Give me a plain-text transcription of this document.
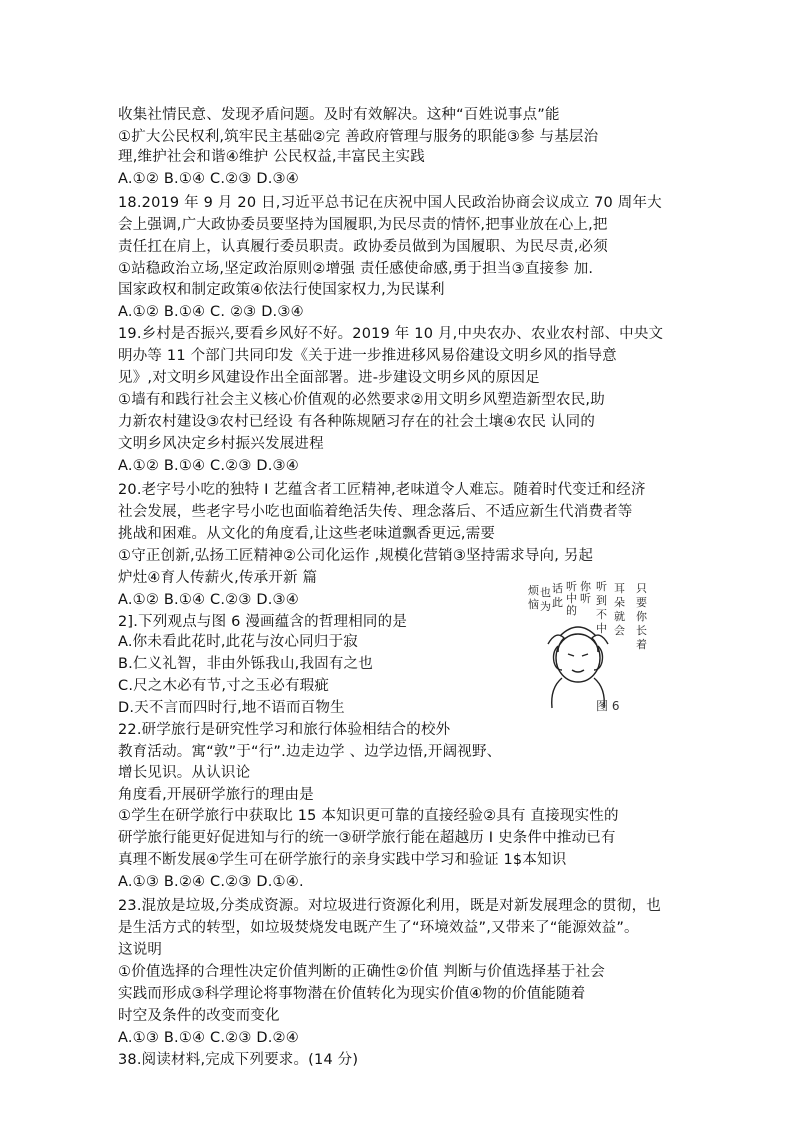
收集社情民意、发现矛盾问题。及时有效解决。这种“百姓说事点”能
①扩大公民权利,筑牢民主基础②完 善政府管理与服务的职能③参 与基层治
理,维护社会和谐④维护 公民权益,丰富民主实践
A.①② B.①④ C.②③ D.③④
18.2019 年 9 月 20 日,习近平总书记在庆祝中国人民政治协商会议成立 70 周年大
会上强调,广大政协委员要坚持为国履职,为民尽责的情怀,把事业放在心上,把
责任扛在肩上，认真履行委员职责。政协委员做到为国履职、为民尽责,必须
①站稳政治立场,坚定政治原则②增强 责任感使命感,勇于担当③直接参 加.
国家政权和制定政策④依法行使国家权力,为民谋利
A.①② B.①④ C. ②③ D.③④
19.乡村是否振兴,要看乡风好不好。2019 年 10 月,中央农办、农业农村部、中央文
明办等 11 个部门共同印发《关于进一步推进移风易俗建设文明乡风的指导意
见》,对文明乡风建设作出全面部署。进-步建设文明乡风的原因足
①墙有和践行社会主义核心价值观的必然要求②用文明乡风塑造新型农民,助
力新农村建设③农村已经设 有各种陈规陋习存在的社会土壤④农民 认同的
文明乡风决定乡村振兴发展进程
A.①② B.①④ C.②③ D.③④
20.老字号小吃的独特 I 艺蕴含者工匠精神,老味道令人难忘。随着时代变迁和经济
社会发展，些老字号小吃也面临着绝活失传、理念落后、不适应新生代消费者等
挑战和困难。从文化的角度看,让这些老味道飘香更远,需要
①守正创新,弘扬工匠精神②公司化运作 ,规模化营销③坚持需求导向, 另起
炉灶④育人传薪火,传承开新 篇
A.①② B.①④ C.②③ D.③④
2].下列观点与图 6 漫画蕴含的哲理相同的是
A.你未看此花时,此花与汝心同归于寂
B.仁义礼智，非由外铄我山,我固有之也
C.尺之木必有节,寸之玉必有瑕疵
D.天不言而四时行,地不语而百物生
22.研学旅行是研究性学习和旅行体验相结合的校外
教育活动。寓“敦”于“行”.边走边学 、边学边悟,开阔视野、
增长见识。从认识论
角度看,开展研学旅行的理由是
①学生在研学旅行中获取比 15 本知识更可靠的直接经验②具有 直接现实性的
研学旅行能更好促进知与行的统一③研学旅行能在超越历 I 史条件中推动已有
真理不断发展④学生可在研学旅行的亲身实践中学习和验证 1$本知识
A.①③ B.②④ C.②③ D.①④.
23.混放是垃圾,分类成资源。对垃圾进行资源化利用，既是对新发展理念的贯彻，也
是生活方式的转型，如垃圾焚烧发电既产生了“环境效益”,又带来了“能源效益”。
这说明
①价值选择的合理性决定价值判断的正确性②价值 判断与价值选择基于社会
实践而形成③科学理论将事物潜在价值转化为现实价值④物的价值能随着
时空及条件的改变而变化
A.①③ B.①④ C.②③ D.②④
38.阅读材料,完成下列要求。(14 分)
烦
恼
也
为
话
此
听
中
的
你
听
听
到
不
中
耳
朵
就
会
只
要
你
长
着
图 6
